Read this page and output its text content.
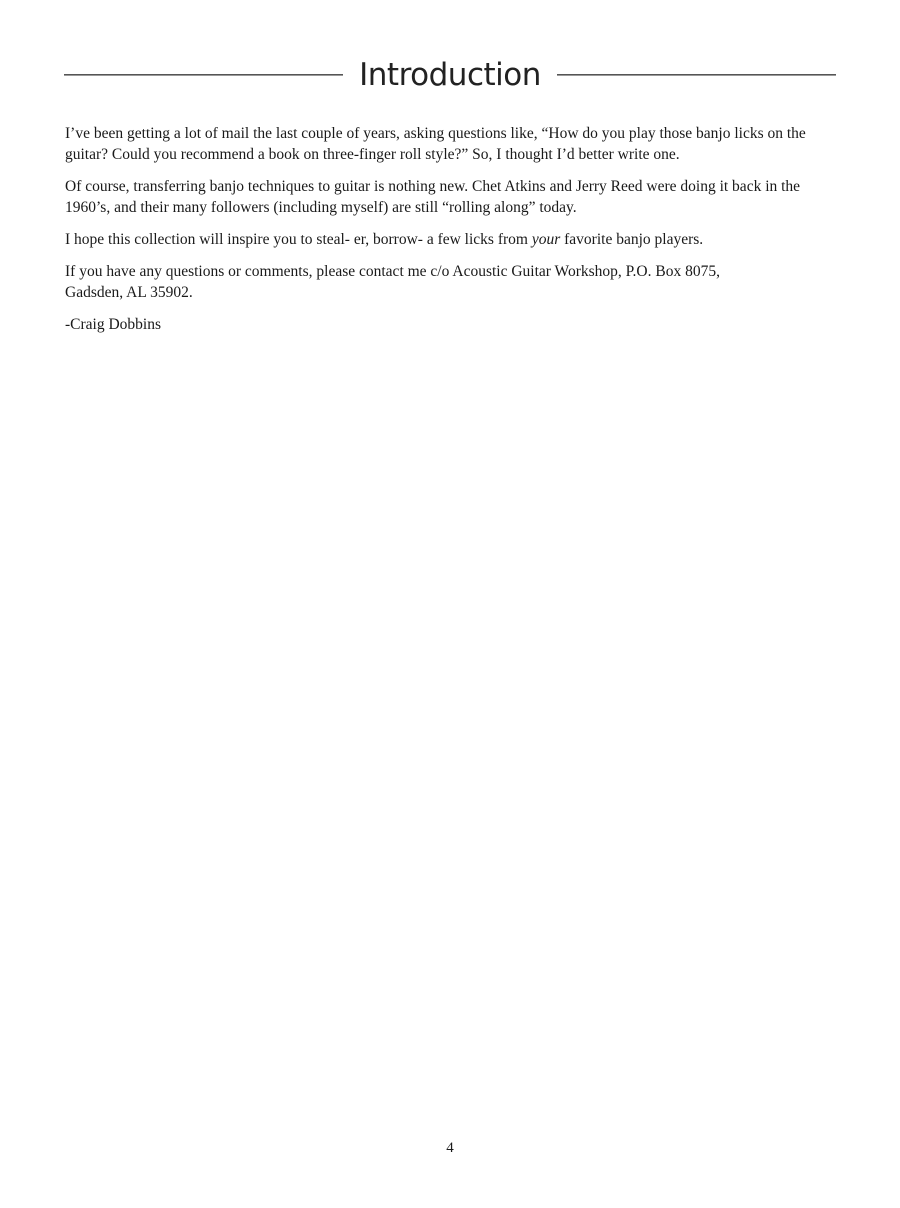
Introduction

I’ve been getting a lot of mail the last couple of years, asking questions like, “How do you play those banjo licks on the guitar? Could you recommend a book on three-finger roll style?” So, I thought I’d better write one.

Of course, transferring banjo techniques to guitar is nothing new. Chet Atkins and Jerry Reed were doing it back in the 1960’s, and their many followers (including myself) are still “rolling along” today.

I hope this collection will inspire you to steal- er, borrow- a few licks from your favorite banjo players.

If you have any questions or comments, please contact me c/o Acoustic Guitar Workshop, P.O. Box 8075,
Gadsden, AL 35902.

-Craig Dobbins

4
